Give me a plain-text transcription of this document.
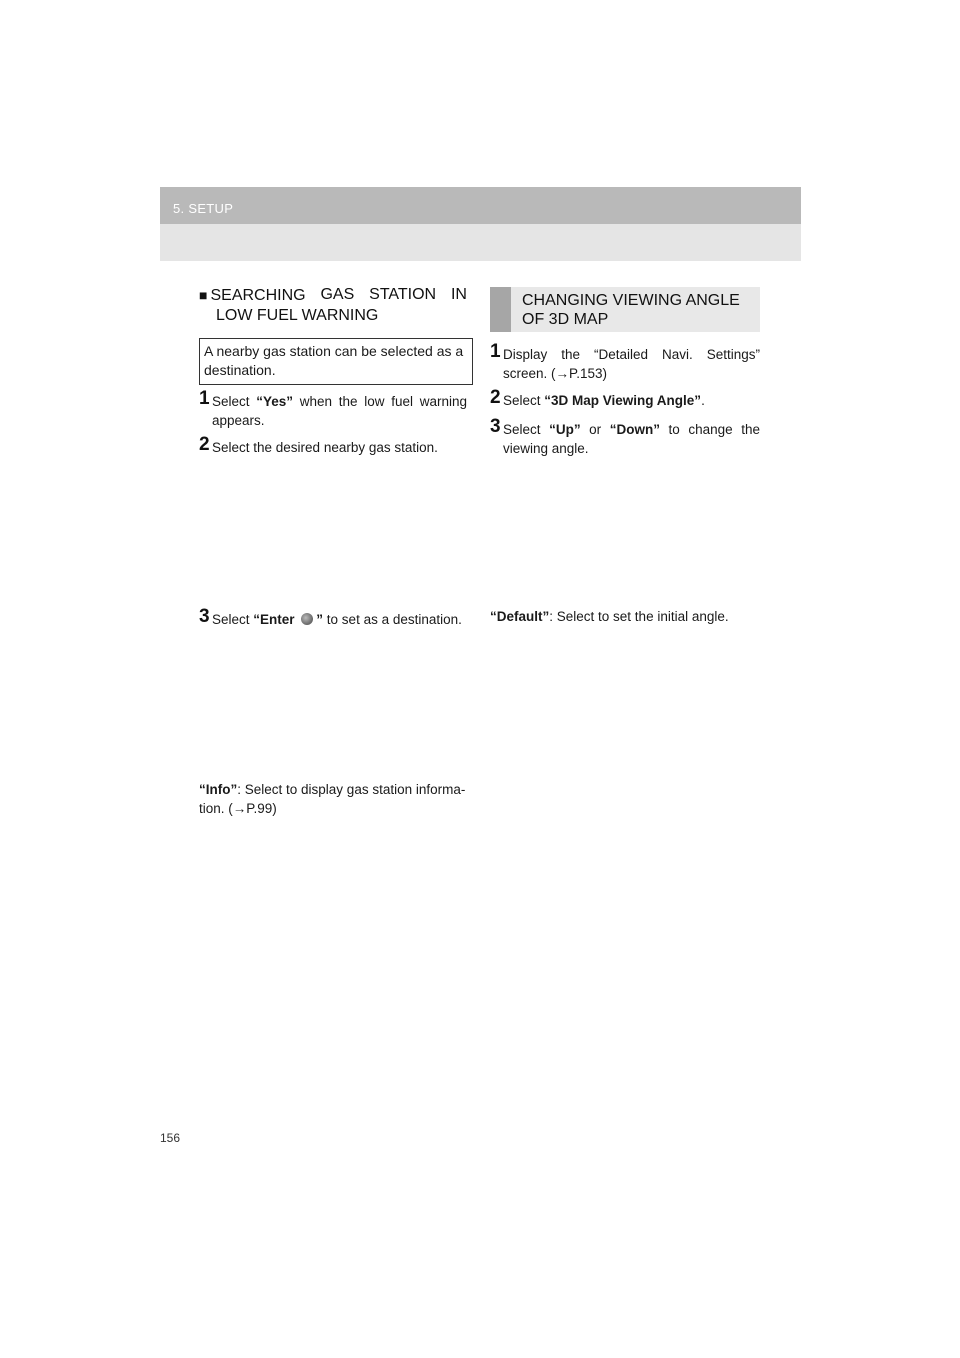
5. SETUP
■ SEARCHING GAS STATION IN
LOW FUEL WARNING
A nearby gas station can be selected as a destination.
1 Select “Yes” when the low fuel warning appears.
2 Select the desired nearby gas station.
3 Select “Enter ” to set as a destination.
“Info”: Select to display gas station informa-tion. (→P.99)
CHANGING VIEWING ANGLE OF 3D MAP
1 Display the “Detailed Navi. Settings” screen. (→P.153)
2 Select “3D Map Viewing Angle”.
3 Select “Up” or “Down” to change the viewing angle.
“Default”: Select to set the initial angle.
156
